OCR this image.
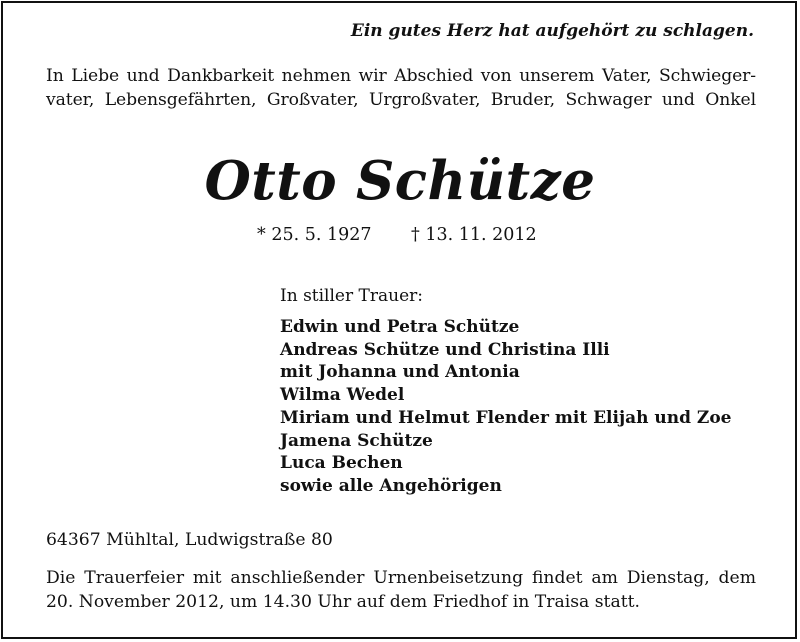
Ein gutes Herz hat aufgehört zu schlagen.
In Liebe und Dankbarkeit nehmen wir Abschied von unserem Vater, Schwieger-
vater, Lebensgefährten, Großvater, Urgroßvater, Bruder, Schwager und Onkel
Otto Schütze
* 25. 5. 1927 † 13. 11. 2012
In stiller Trauer:
Edwin und Petra Schütze
Andreas Schütze und Christina Illi
mit Johanna und Antonia
Wilma Wedel
Miriam und Helmut Flender mit Elijah und Zoe
Jamena Schütze
Luca Bechen
sowie alle Angehörigen
64367 Mühltal, Ludwigstraße 80
Die Trauerfeier mit anschließender Urnenbeisetzung findet am Dienstag, dem
20. November 2012, um 14.30 Uhr auf dem Friedhof in Traisa statt.
